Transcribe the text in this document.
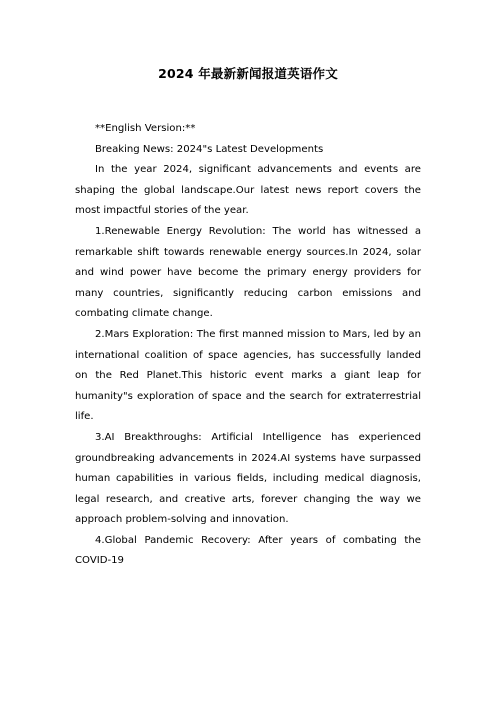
2024 年最新新闻报道英语作文

**English Version:**

Breaking News: 2024"s Latest Developments

In the year 2024, significant advancements and events are shaping the global landscape.Our latest news report covers the most impactful stories of the year.

1.Renewable Energy Revolution: The world has witnessed a remarkable shift towards renewable energy sources.In 2024, solar and wind power have become the primary energy providers for many countries, significantly reducing carbon emissions and combating climate change.

2.Mars Exploration: The first manned mission to Mars, led by an international coalition of space agencies, has successfully landed on the Red Planet.This historic event marks a giant leap for humanity"s exploration of space and the search for extraterrestrial life.

3.AI Breakthroughs: Artificial Intelligence has experienced groundbreaking advancements in 2024.AI systems have surpassed human capabilities in various fields, including medical diagnosis, legal research, and creative arts, forever changing the way we approach problem-solving and innovation.

4.Global Pandemic Recovery: After years of combating the COVID-19
